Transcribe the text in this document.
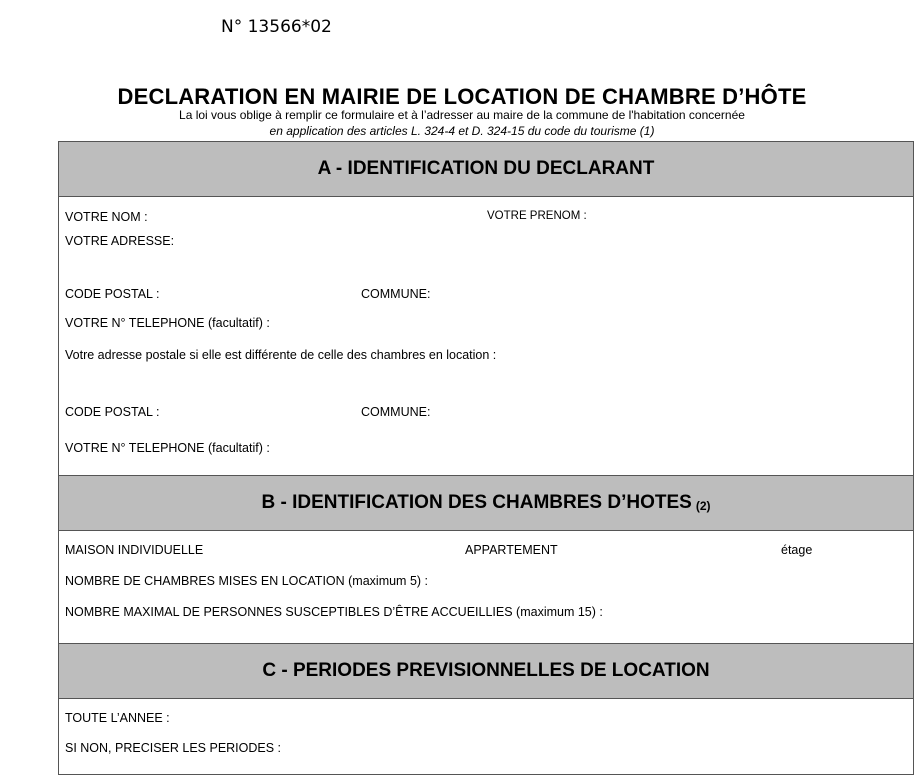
N° 13566*02
DECLARATION EN MAIRIE DE LOCATION DE CHAMBRE D’HÔTE
La loi vous oblige à remplir ce formulaire et à l’adresser au maire de la commune de l'habitation concernée
en application des articles L. 324-4 et D. 324-15 du code du tourisme (1)
A - IDENTIFICATION DU DECLARANT
VOTRE NOM :	VOTRE PRENOM :
VOTRE ADRESSE:
CODE POSTAL :	COMMUNE:
VOTRE N° TELEPHONE (facultatif) :
Votre adresse postale si elle est différente de celle des chambres en location :
CODE POSTAL :	COMMUNE:
VOTRE N° TELEPHONE (facultatif) :
B - IDENTIFICATION DES CHAMBRES D’HOTES (2)
MAISON INDIVIDUELLE	APPARTEMENT	étage
NOMBRE DE CHAMBRES MISES EN LOCATION (maximum 5) :
NOMBRE MAXIMAL DE PERSONNES SUSCEPTIBLES D’ÊTRE ACCUEILLIES (maximum 15) :
C - PERIODES PREVISIONNELLES DE LOCATION
TOUTE L’ANNEE :
SI NON, PRECISER LES PERIODES :
